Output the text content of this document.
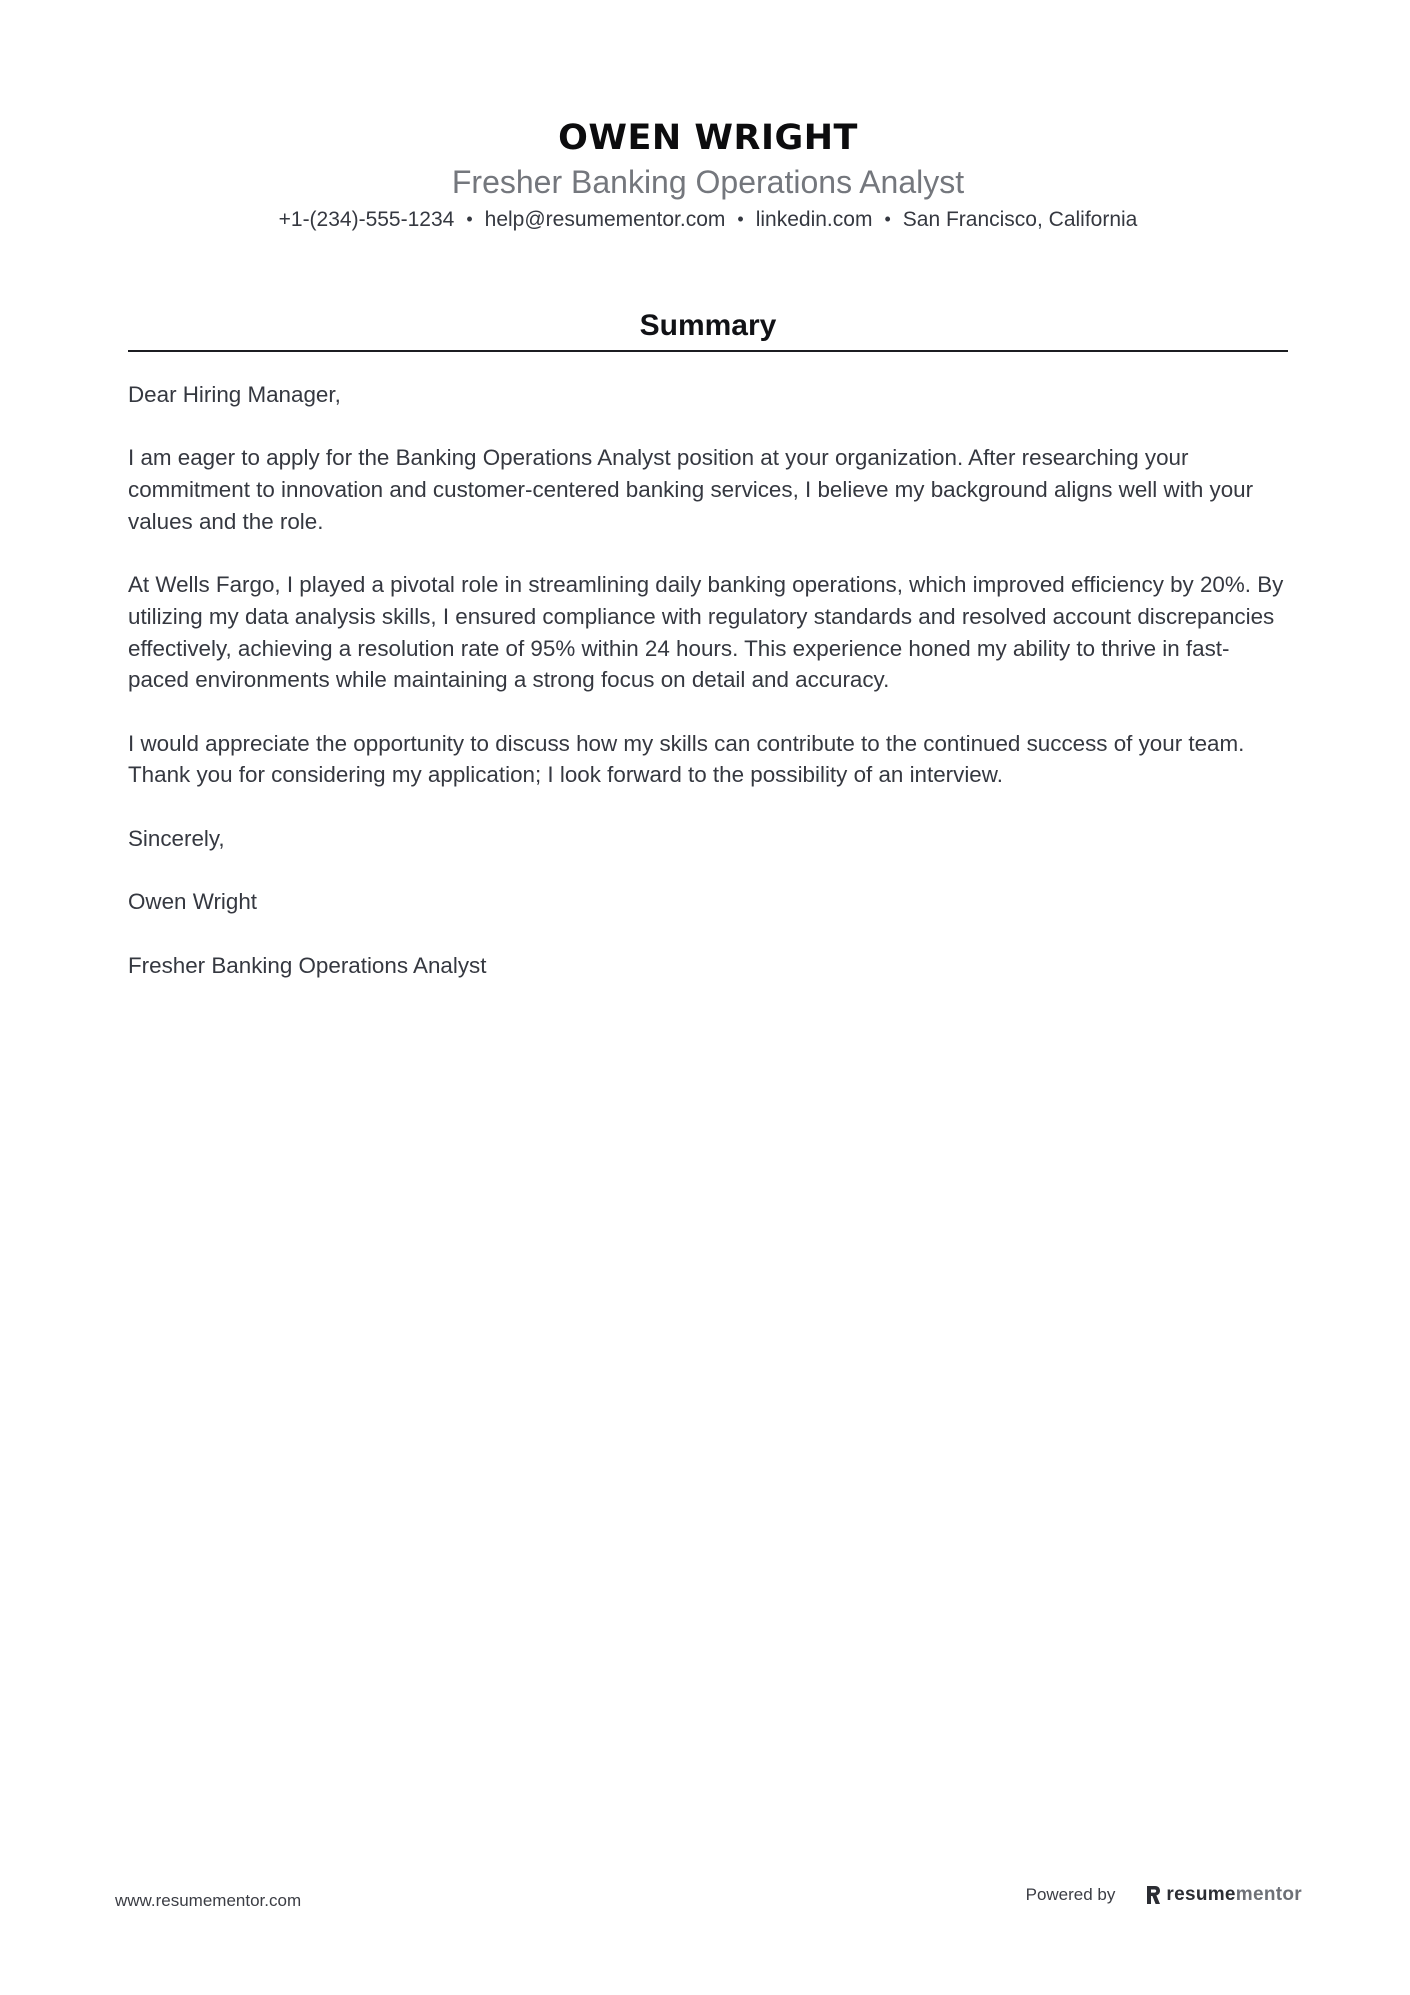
OWEN WRIGHT
Fresher Banking Operations Analyst
+1-(234)-555-1234 • help@resumementor.com • linkedin.com • San Francisco, California
Summary

Dear Hiring Manager,

I am eager to apply for the Banking Operations Analyst position at your organization. After researching your commitment to innovation and customer-centered banking services, I believe my background aligns well with your values and the role.

At Wells Fargo, I played a pivotal role in streamlining daily banking operations, which improved efficiency by 20%. By utilizing my data analysis skills, I ensured compliance with regulatory standards and resolved account discrepancies effectively, achieving a resolution rate of 95% within 24 hours. This experience honed my ability to thrive in fast-paced environments while maintaining a strong focus on detail and accuracy.

I would appreciate the opportunity to discuss how my skills can contribute to the continued success of your team. Thank you for considering my application; I look forward to the possibility of an interview.

Sincerely,

Owen Wright

Fresher Banking Operations Analyst

www.resumementor.com	Powered by	resumementor
